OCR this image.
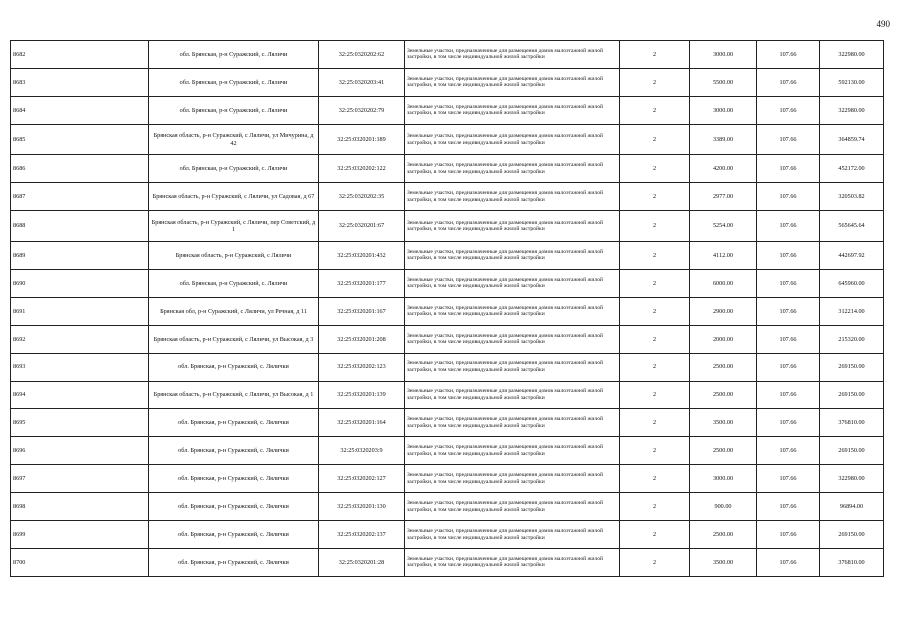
490
8682	обл. Брянская, р-н Суражский, с. Ляличи	32:25:0320202:62	Земельные участки, предназначенные для размещения домов малоэтажной жилой застройки, в том числе индивидуальной жилой застройки	2	3000.00	107.66	322980.00
8683	обл. Брянская, р-н Суражский, с. Ляличи	32:25:0320203:41	Земельные участки, предназначенные для размещения домов малоэтажной жилой застройки, в том числе индивидуальной жилой застройки	2	5500.00	107.66	592130.00
8684	обл. Брянская, р-н Суражский, с. Ляличи	32:25:0320202:79	Земельные участки, предназначенные для размещения домов малоэтажной жилой застройки, в том числе индивидуальной жилой застройки	2	3000.00	107.66	322980.00
8685	Брянская область, р-н Суражский, с Ляличи, ул Мичурина, д 42	32:25:0320201:189	Земельные участки, предназначенные для размещения домов малоэтажной жилой застройки, в том числе индивидуальной жилой застройки	2	3389.00	107.66	364859.74
8686	обл. Брянская, р-н Суражский, с. Ляличи	32:25:0320202:122	Земельные участки, предназначенные для размещения домов малоэтажной жилой застройки, в том числе индивидуальной жилой застройки	2	4200.00	107.66	452172.00
8687	Брянская область, р-н Суражский, с Ляличи, ул Садовая, д 67	32:25:0320202:35	Земельные участки, предназначенные для размещения домов малоэтажной жилой застройки, в том числе индивидуальной жилой застройки	2	2977.00	107.66	320503.82
8688	Брянская область, р-н Суражский, с Ляличи, пер Советский, д 1	32:25:0320201:67	Земельные участки, предназначенные для размещения домов малоэтажной жилой застройки, в том числе индивидуальной жилой застройки	2	5254.00	107.66	565645.64
8689	Брянская область, р-н Суражский, с Ляличи	32:25:0320201:432	Земельные участки, предназначенные для размещения домов малоэтажной жилой застройки, в том числе индивидуальной жилой застройки	2	4112.00	107.66	442697.92
8690	обл. Брянская, р-н Суражский, с. Ляличи	32:25:0320201:177	Земельные участки, предназначенные для размещения домов малоэтажной жилой застройки, в том числе индивидуальной жилой застройки	2	6000.00	107.66	645960.00
8691	Брянская обл, р-н Суражский, с Ляличи, ул Речная, д 11	32:25:0320201:167	Земельные участки, предназначенные для размещения домов малоэтажной жилой застройки, в том числе индивидуальной жилой застройки	2	2900.00	107.66	312214.00
8692	Брянская область, р-н Суражский, с Ляличи, ул Высокая, д 3	32:25:0320201:208	Земельные участки, предназначенные для размещения домов малоэтажной жилой застройки, в том числе индивидуальной жилой застройки	2	2000.00	107.66	215320.00
8693	обл. Брянская, р-н Суражский, с. Лялички	32:25:0320202:123	Земельные участки, предназначенные для размещения домов малоэтажной жилой застройки, в том числе индивидуальной жилой застройки	2	2500.00	107.66	269150.00
8694	Брянская область, р-н Суражский, с Ляличи, ул Высокая, д 1	32:25:0320201:139	Земельные участки, предназначенные для размещения домов малоэтажной жилой застройки, в том числе индивидуальной жилой застройки	2	2500.00	107.66	269150.00
8695	обл. Брянская, р-н Суражский, с. Лялички	32:25:0320201:164	Земельные участки, предназначенные для размещения домов малоэтажной жилой застройки, в том числе индивидуальной жилой застройки	2	3500.00	107.66	376810.00
8696	обл. Брянская, р-н Суражский, с. Лялички	32:25:0320203:9	Земельные участки, предназначенные для размещения домов малоэтажной жилой застройки, в том числе индивидуальной жилой застройки	2	2500.00	107.66	269150.00
8697	обл. Брянская, р-н Суражский, с. Лялички	32:25:0320202:127	Земельные участки, предназначенные для размещения домов малоэтажной жилой застройки, в том числе индивидуальной жилой застройки	2	3000.00	107.66	322980.00
8698	обл. Брянская, р-н Суражский, с. Лялички	32:25:0320201:130	Земельные участки, предназначенные для размещения домов малоэтажной жилой застройки, в том числе индивидуальной жилой застройки	2	900.00	107.66	96894.00
8699	обл. Брянская, р-н Суражский, с. Лялички	32:25:0320202:137	Земельные участки, предназначенные для размещения домов малоэтажной жилой застройки, в том числе индивидуальной жилой застройки	2	2500.00	107.66	269150.00
8700	обл. Брянская, р-н Суражский, с. Лялички	32:25:0320201:28	Земельные участки, предназначенные для размещения домов малоэтажной жилой застройки, в том числе индивидуальной жилой застройки	2	3500.00	107.66	376810.00
